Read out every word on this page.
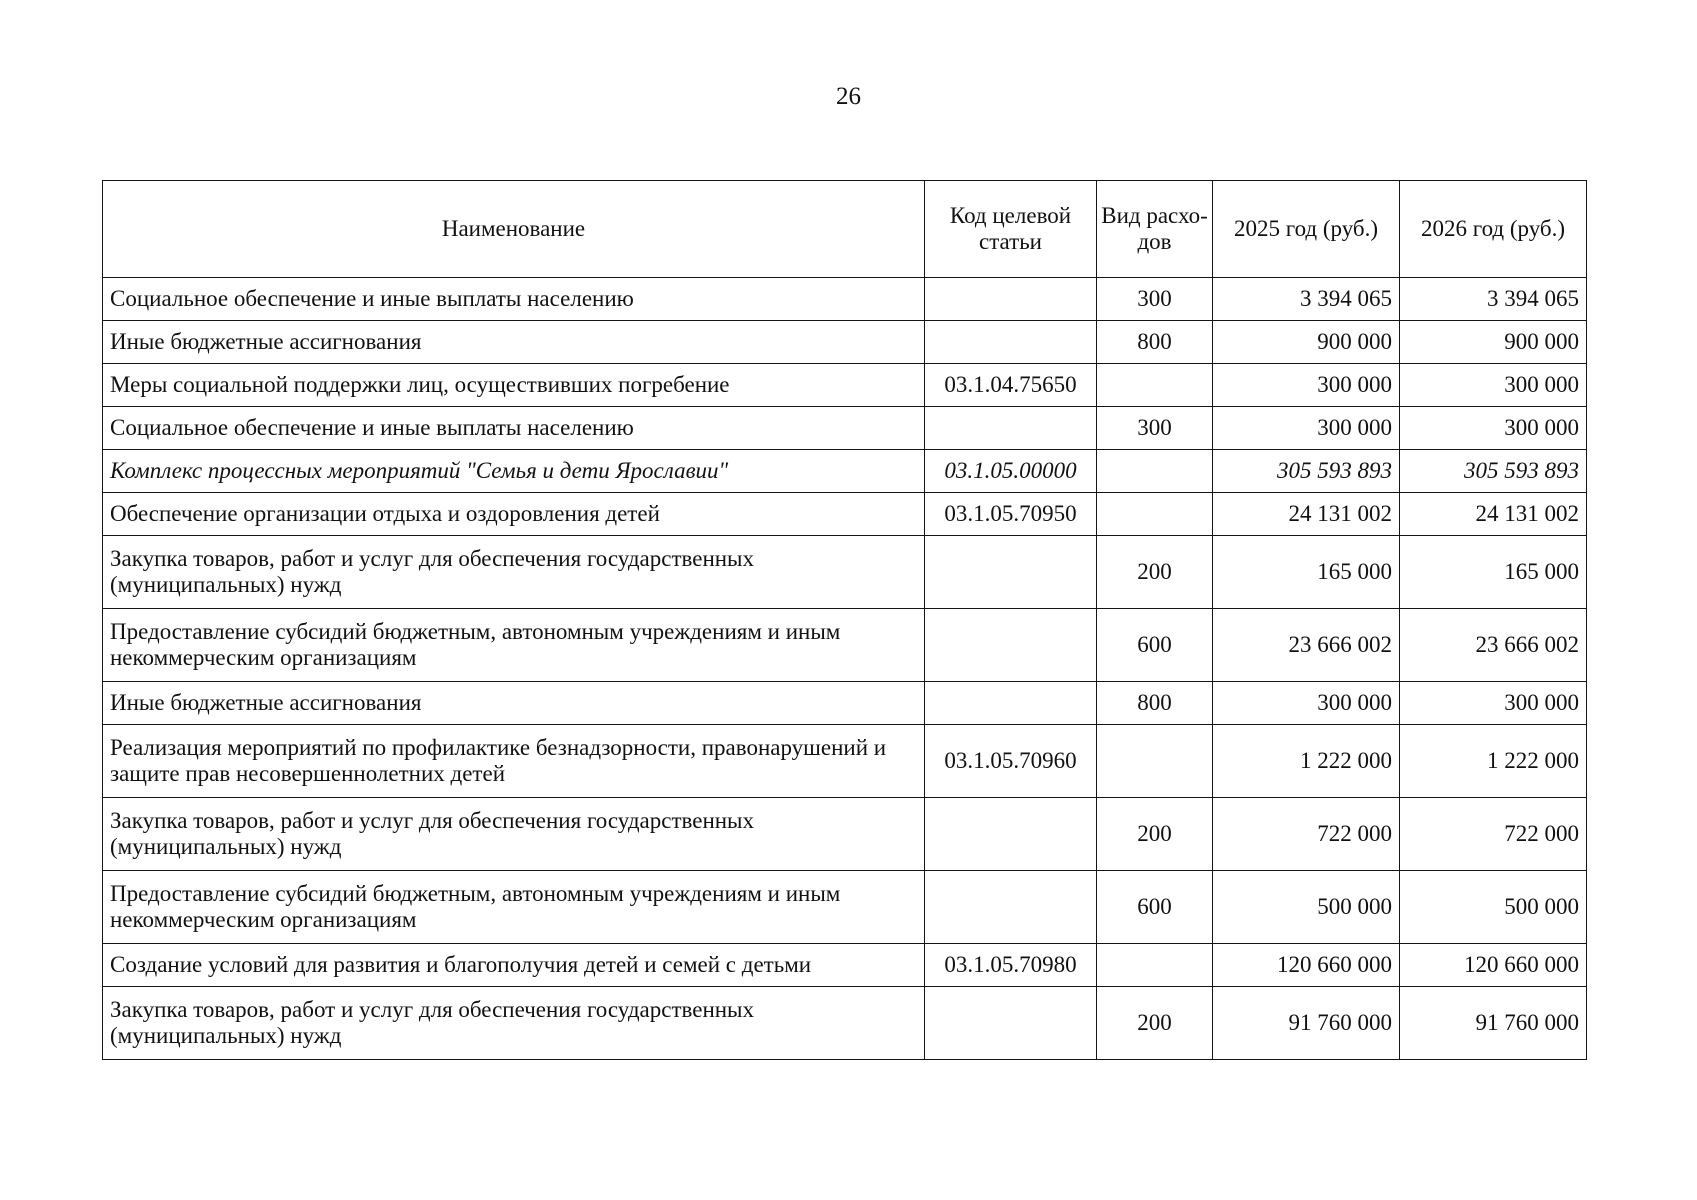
26
Наименование	Код целевой статьи	Вид расхо-дов	2025 год (руб.)	2026 год (руб.)
Социальное обеспечение и иные выплаты населению		300	3 394 065	3 394 065
Иные бюджетные ассигнования		800	900 000	900 000
Меры социальной поддержки лиц, осуществивших погребение	03.1.04.75650		300 000	300 000
Социальное обеспечение и иные выплаты населению		300	300 000	300 000
Комплекс процессных мероприятий "Семья и дети Ярославии"	03.1.05.00000		305 593 893	305 593 893
Обеспечение организации отдыха и оздоровления детей	03.1.05.70950		24 131 002	24 131 002
Закупка товаров, работ и услуг для обеспечения государственных (муниципальных) нужд		200	165 000	165 000
Предоставление субсидий бюджетным, автономным учреждениям и иным некоммерческим организациям		600	23 666 002	23 666 002
Иные бюджетные ассигнования		800	300 000	300 000
Реализация мероприятий по профилактике безнадзорности, правонарушений и защите прав несовершеннолетних детей	03.1.05.70960		1 222 000	1 222 000
Закупка товаров, работ и услуг для обеспечения государственных (муниципальных) нужд		200	722 000	722 000
Предоставление субсидий бюджетным, автономным учреждениям и иным некоммерческим организациям		600	500 000	500 000
Создание условий для развития и благополучия детей и семей с детьми	03.1.05.70980		120 660 000	120 660 000
Закупка товаров, работ и услуг для обеспечения государственных (муниципальных) нужд		200	91 760 000	91 760 000
